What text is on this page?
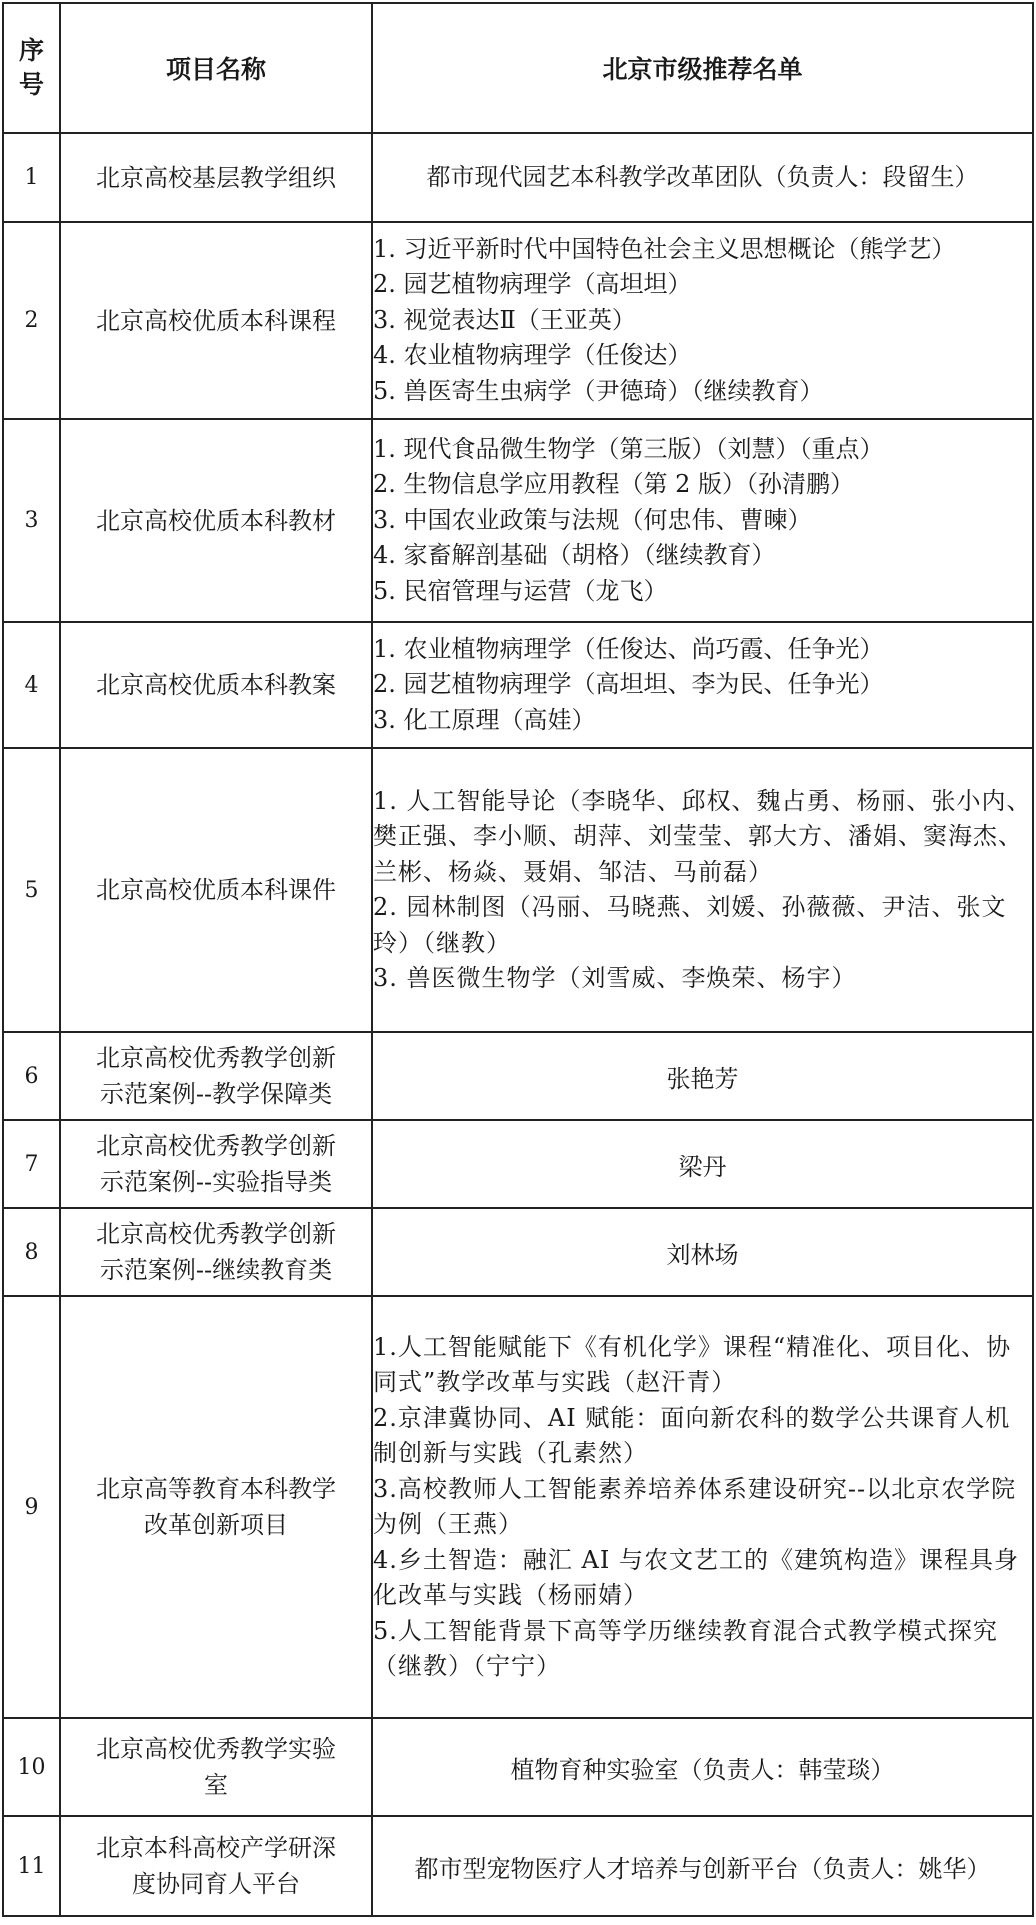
序
号	项目名称	北京市级推荐名单
1	北京高校基层教学组织	都市现代园艺本科教学改革团队（负责人：段留生）

2	北京高校优质本科课程	1. 习近平新时代中国特色社会主义思想概论（熊学艺）
2. 园艺植物病理学（高坦坦）
3. 视觉表达Ⅱ（王亚英）
4. 农业植物病理学（任俊达）
5. 兽医寄生虫病学（尹德琦）（继续教育）

3	北京高校优质本科教材	1. 现代食品微生物学（第三版）（刘慧）（重点）
2. 生物信息学应用教程（第 2 版）（孙清鹏）
3. 中国农业政策与法规（何忠伟、曹暕）
4. 家畜解剖基础（胡格）（继续教育）
5. 民宿管理与运营（龙飞）

4	北京高校优质本科教案	1. 农业植物病理学（任俊达、尚巧霞、任争光）
2. 园艺植物病理学（高坦坦、李为民、任争光）
3. 化工原理（高娃）

5	北京高校优质本科课件	1. 人工智能导论（李晓华、邱权、魏占勇、杨丽、张小内、樊正强、李小顺、胡萍、刘莹莹、郭大方、潘娟、窦海杰、兰彬、杨焱、聂娟、邹洁、马前磊）
2. 园林制图（冯丽、马晓燕、刘媛、孙薇薇、尹洁、张文玲）（继教）
3. 兽医微生物学（刘雪威、李焕荣、杨宇）

6	北京高校优秀教学创新
示范案例--教学保障类	张艳芳
7	北京高校优秀教学创新
示范案例--实验指导类	梁丹
8	北京高校优秀教学创新
示范案例--继续教育类	刘林场
9	北京高等教育本科教学
改革创新项目	1.人工智能赋能下《有机化学》课程“精准化、项目化、协同式”教学改革与实践（赵汗青）
2.京津冀协同、AI 赋能：面向新农科的数学公共课育人机制创新与实践（孔素然）
3.高校教师人工智能素养培养体系建设研究--以北京农学院为例（王燕）
4.乡土智造：融汇 AI 与农文艺工的《建筑构造》课程具身化改革与实践（杨丽婧）
5.人工智能背景下高等学历继续教育混合式教学模式探究（继教）（宁宁）

10	北京高校优秀教学实验
室	植物育种实验室（负责人：韩莹琰）
11	北京本科高校产学研深
度协同育人平台	都市型宠物医疗人才培养与创新平台（负责人：姚华）
